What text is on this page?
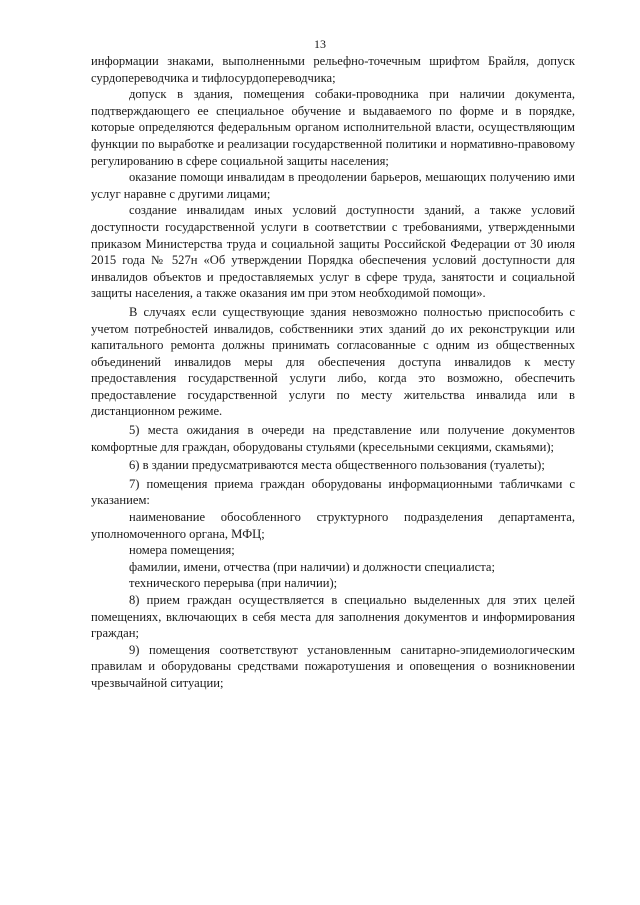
13

информации знаками, выполненными рельефно-точечным шрифтом Брайля, допуск сурдопереводчика и тифлосурдопереводчика;

допуск в здания, помещения собаки-проводника при наличии документа, подтверждающего ее специальное обучение и выдаваемого по форме и в порядке, которые определяются федеральным органом исполнительной власти, осуществляющим функции по выработке и реализации государственной политики и нормативно-правовому регулированию в сфере социальной защиты населения;

оказание помощи инвалидам в преодолении барьеров, мешающих получению ими услуг наравне с другими лицами;

создание инвалидам иных условий доступности зданий, а также условий доступности государственной услуги в соответствии с требованиями, утвержденными приказом Министерства труда и социальной защиты Российской Федерации от 30 июля 2015 года № 527н «Об утверждении Порядка обеспечения условий доступности для инвалидов объектов и предоставляемых услуг в сфере труда, занятости и социальной защиты населения, а также оказания им при этом необходимой помощи».

В случаях если существующие здания невозможно полностью приспособить с учетом потребностей инвалидов, собственники этих зданий до их реконструкции или капитального ремонта должны принимать согласованные с одним из общественных объединений инвалидов меры для обеспечения доступа инвалидов к месту предоставления государственной услуги либо, когда это возможно, обеспечить предоставление государственной услуги по месту жительства инвалида или в дистанционном режиме.

5) места ожидания в очереди на представление или получение документов комфортные для граждан, оборудованы стульями (кресельными секциями, скамьями);

6) в здании предусматриваются места общественного пользования (туалеты);

7) помещения приема граждан оборудованы информационными табличками с указанием:

наименование обособленного структурного подразделения департамента, уполномоченного органа, МФЦ;

номера помещения;

фамилии, имени, отчества (при наличии) и должности специалиста;

технического перерыва (при наличии);

8) прием граждан осуществляется в специально выделенных для этих целей помещениях, включающих в себя места для заполнения документов и информирования граждан;

9) помещения соответствуют установленным санитарно-эпидемиологическим правилам и оборудованы средствами пожаротушения и оповещения о возникновении чрезвычайной ситуации;
